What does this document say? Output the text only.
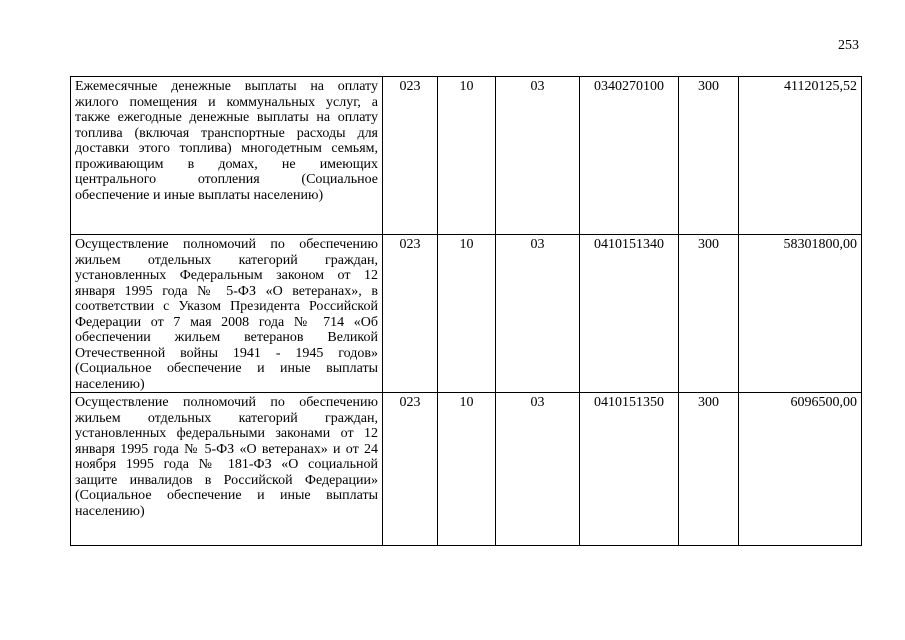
253
Ежемесячные денежные выплаты на оплату жилого помещения и коммунальных услуг, а также ежегодные денежные выплаты на оплату топлива (включая транспортные расходы для доставки этого топлива) многодетным семьям, проживающим в домах, не имеющих центрального отопления (Социальное обеспечение и иные выплаты населению)	023	10	03	0340270100	300	41120125,52
Осуществление полномочий по обеспечению жильем отдельных категорий граждан, установленных Федеральным законом от 12 января 1995 года № 5-ФЗ «О ветеранах», в соответствии с Указом Президента Российской Федерации от 7 мая 2008 года № 714 «Об обеспечении жильем ветеранов Великой Отечественной войны 1941 - 1945 годов» (Социальное обеспечение и иные выплаты населению)	023	10	03	0410151340	300	58301800,00
Осуществление полномочий по обеспечению жильем отдельных категорий граждан, установленных федеральными законами от 12 января 1995 года № 5-ФЗ «О ветеранах» и от 24 ноября 1995 года № 181-ФЗ «О социальной защите инвалидов в Российской Федерации» (Социальное обеспечение и иные выплаты населению)	023	10	03	0410151350	300	6096500,00
